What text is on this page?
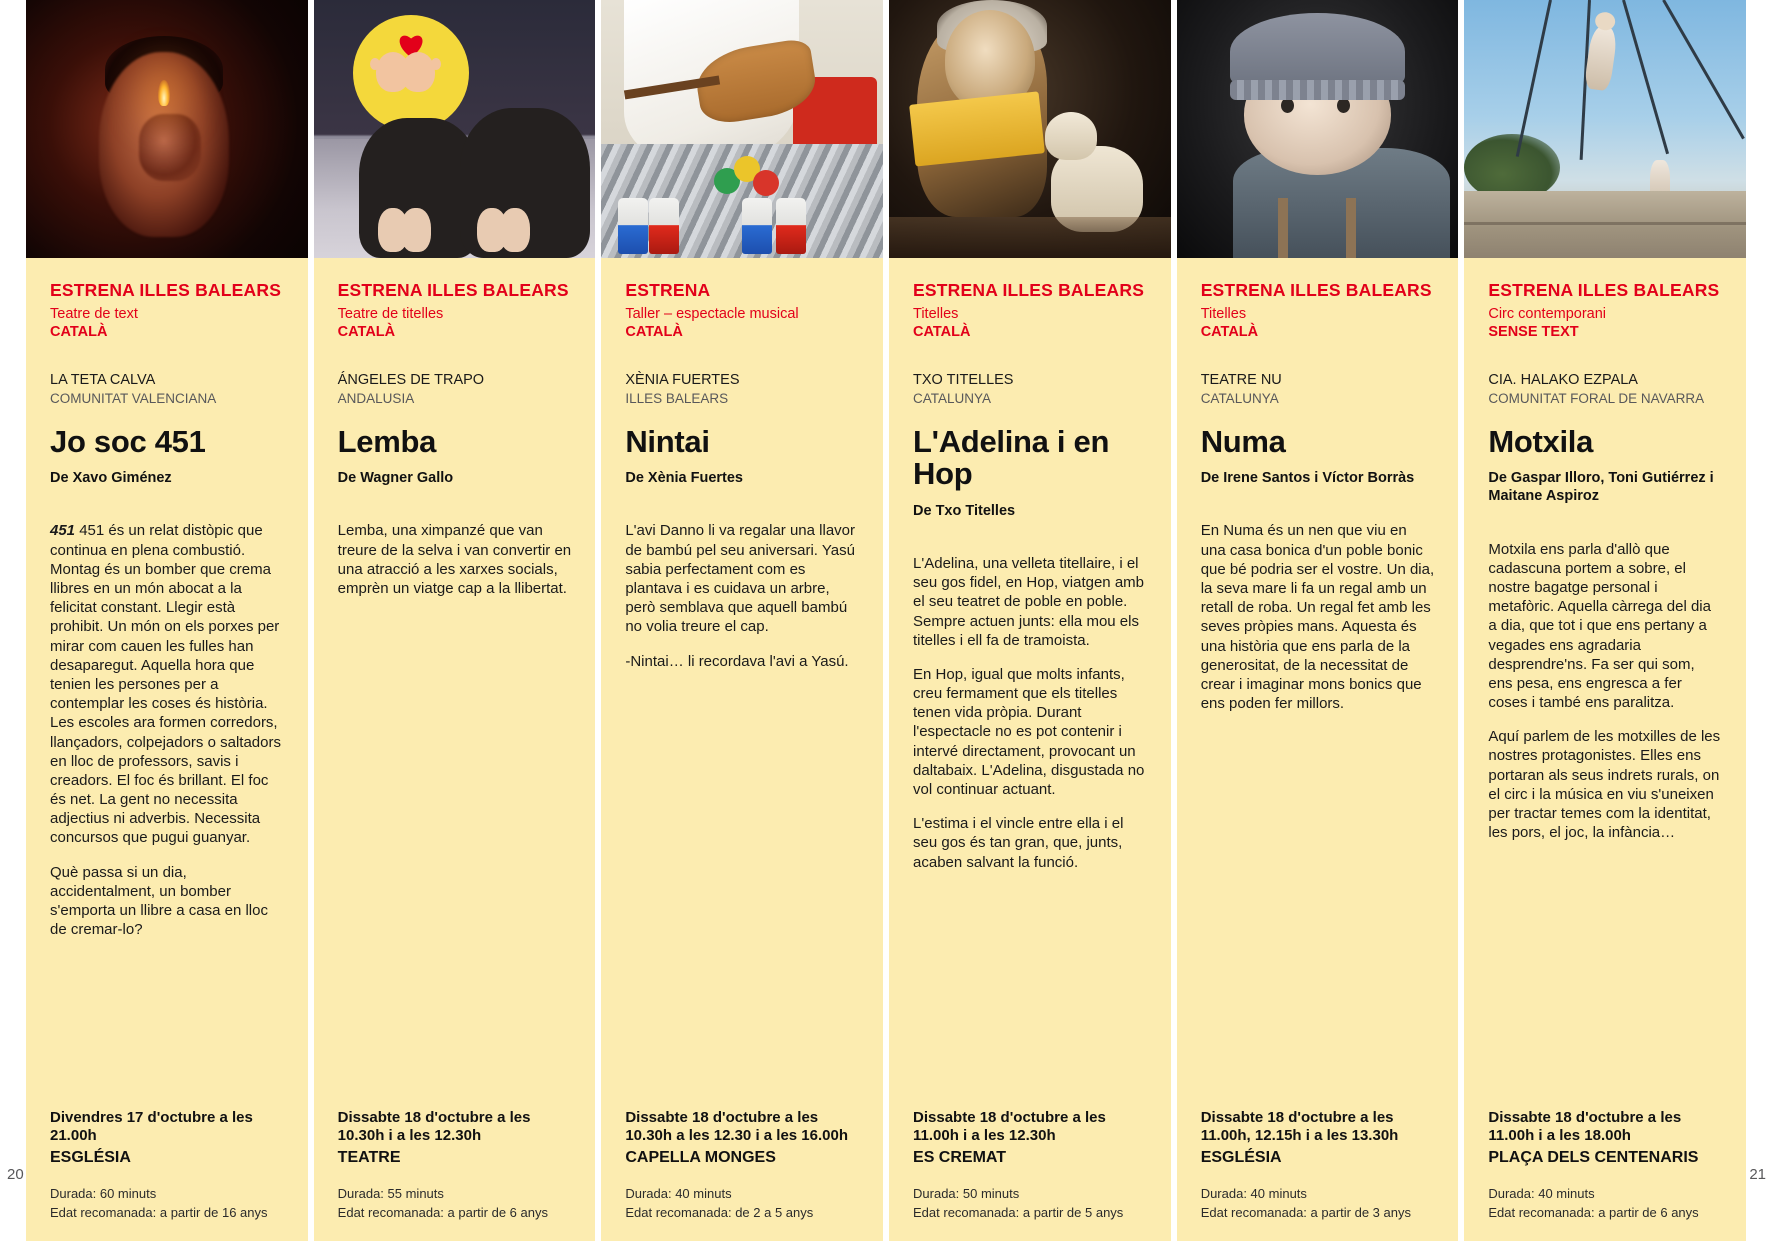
20
ESTRENA ILLES BALEARS
Teatre de text
CATALÀ
LA TETA CALVA
COMUNITAT VALENCIANA
Jo soc 451
De Xavo Giménez

451 451 és un relat distòpic que continua en plena combustió. Montag és un bomber que crema llibres en un món abocat a la felicitat constant. Llegir està prohibit. Un món on els porxes per mirar com cauen les fulles han desaparegut. Aquella hora que tenien les persones per a contemplar les coses és història. Les escoles ara formen corredors, llançadors, colpejadors o saltadors en lloc de professors, savis i creadors. El foc és brillant. El foc és net. La gent no necessita adjectius ni adverbis. Necessita concursos que pugui guanyar.

Què passa si un dia, accidentalment, un bomber s'emporta un llibre a casa en lloc de cremar-lo?

Divendres 17 d'octubre a les 21.00h
ESGLÉSIA
Durada: 60 minuts
Edat recomanada: a partir de 16 anys
ESTRENA ILLES BALEARS
Teatre de titelles
CATALÀ
ÁNGELES DE TRAPO
ANDALUSIA
Lemba
De Wagner Gallo

Lemba, una ximpanzé que van treure de la selva i van convertir en una atracció a les xarxes socials, emprèn un viatge cap a la llibertat.

Dissabte 18 d'octubre a les 10.30h i a les 12.30h
TEATRE
Durada: 55 minuts
Edat recomanada: a partir de 6 anys
ESTRENA
Taller – espectacle musical
CATALÀ
XÈNIA FUERTES
ILLES BALEARS
Nintai
De Xènia Fuertes

L'avi Danno li va regalar una llavor de bambú pel seu aniversari. Yasú sabia perfectament com es plantava i es cuidava un arbre, però semblava que aquell bambú no volia treure el cap.

-Nintai… li recordava l'avi a Yasú.

Dissabte 18 d'octubre a les 10.30h a les 12.30 i a les 16.00h
CAPELLA MONGES
Durada: 40 minuts
Edat recomanada: de 2 a 5 anys
ESTRENA ILLES BALEARS
Titelles
CATALÀ
TXO TITELLES
CATALUNYA
L'Adelina i en Hop
De Txo Titelles

L'Adelina, una velleta titellaire, i el seu gos fidel, en Hop, viatgen amb el seu teatret de poble en poble. Sempre actuen junts: ella mou els titelles i ell fa de tramoista.

En Hop, igual que molts infants, creu fermament que els titelles tenen vida pròpia. Durant l'espectacle no es pot contenir i intervé directament, provocant un daltabaix. L'Adelina, disgustada no vol continuar actuant.

L'estima i el vincle entre ella i el seu gos és tan gran, que, junts, acaben salvant la funció.

Dissabte 18 d'octubre a les 11.00h i a les 12.30h
ES CREMAT
Durada: 50 minuts
Edat recomanada: a partir de 5 anys
ESTRENA ILLES BALEARS
Titelles
CATALÀ
TEATRE NU
CATALUNYA
Numa
De Irene Santos i Víctor Borràs

En Numa és un nen que viu en una casa bonica d'un poble bonic que bé podria ser el vostre. Un dia, la seva mare li fa un regal amb un retall de roba. Un regal fet amb les seves pròpies mans. Aquesta és una història que ens parla de la generositat, de la necessitat de crear i imaginar mons bonics que ens poden fer millors.

Dissabte 18 d'octubre a les 11.00h, 12.15h i a les 13.30h
ESGLÉSIA
Durada: 40 minuts
Edat recomanada: a partir de 3 anys
ESTRENA ILLES BALEARS
Circ contemporani
SENSE TEXT
CIA. HALAKO EZPALA
COMUNITAT FORAL DE NAVARRA
Motxila
De Gaspar Illoro, Toni Gutiérrez i Maitane Aspiroz

Motxila ens parla d'allò que cadascuna portem a sobre, el nostre bagatge personal i metafòric. Aquella càrrega del dia a dia, que tot i que ens pertany a vegades ens agradaria desprendre'ns. Fa ser qui som, ens pesa, ens engresca a fer coses i també ens paralitza.

Aquí parlem de les motxilles de les nostres protagonistes. Elles ens portaran als seus indrets rurals, on el circ i la música en viu s'uneixen per tractar temes com la identitat, les pors, el joc, la infància…

Dissabte 18 d'octubre a les 11.00h i a les 18.00h
PLAÇA DELS CENTENARIS
Durada: 40 minuts
Edat recomanada: a partir de 6 anys
21
